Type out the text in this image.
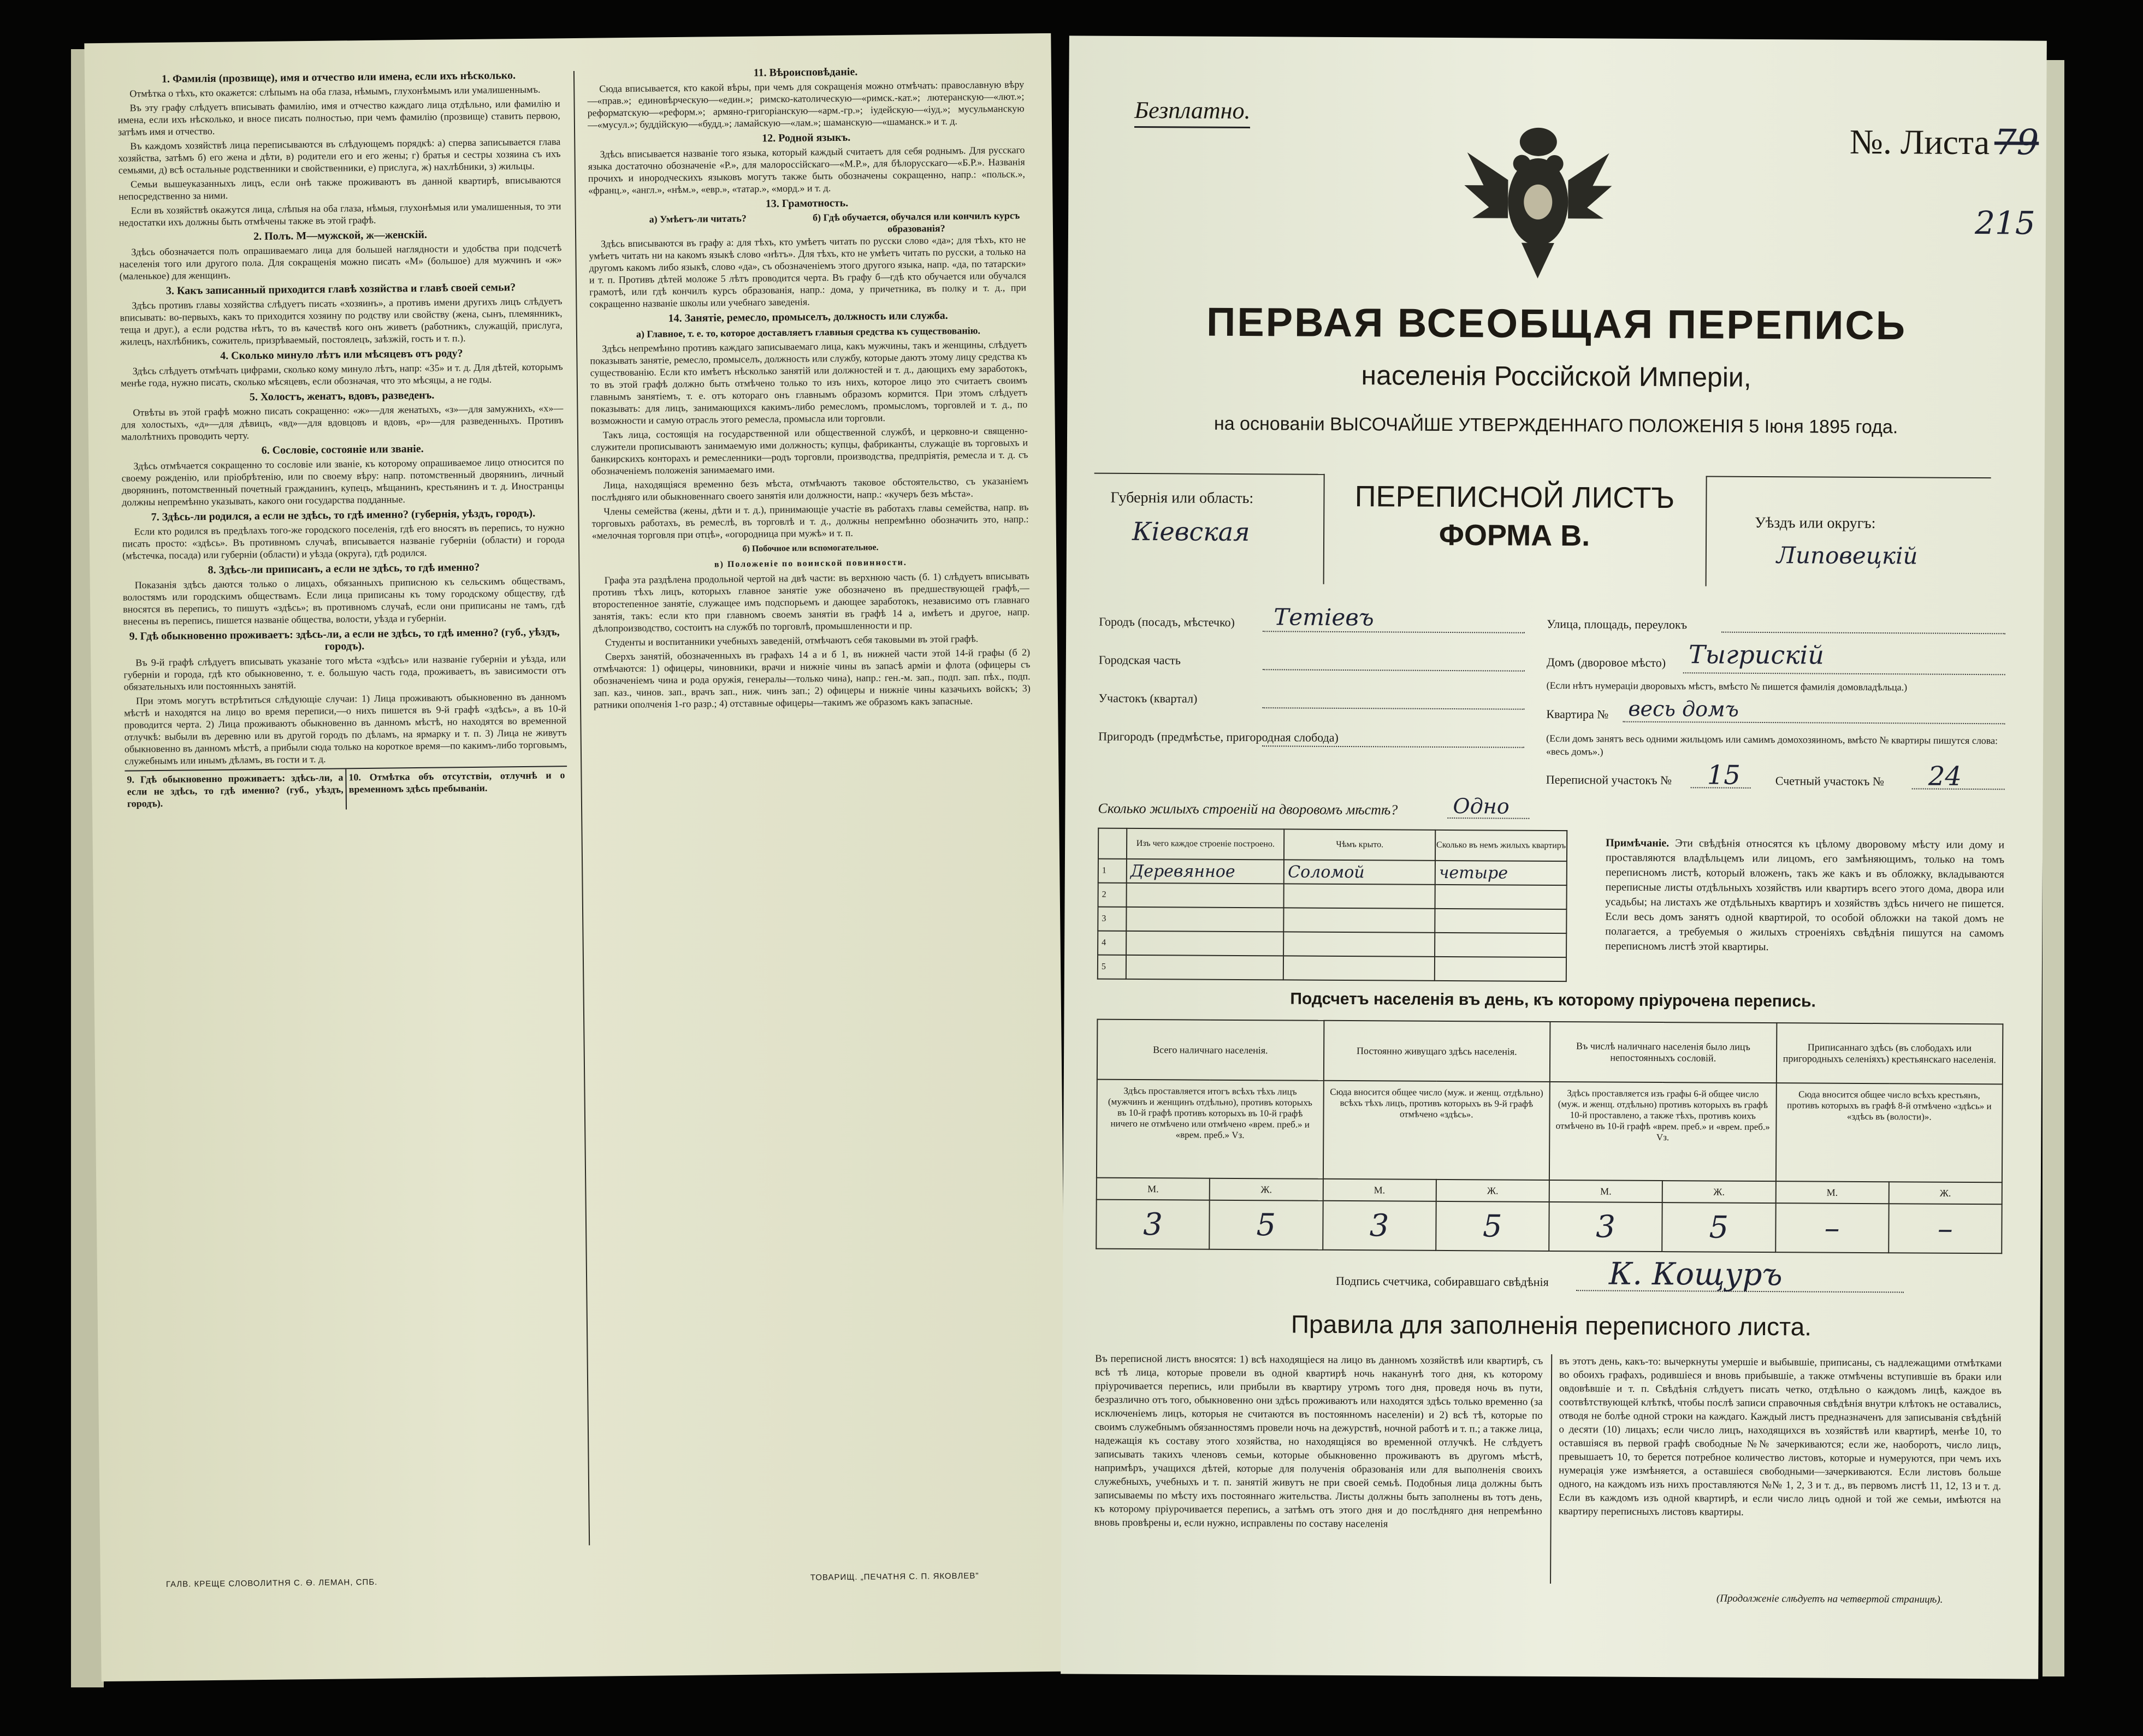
1. Фамилія (прозвище), имя и отчество или имена, если ихъ нѣсколько.

Отмѣтка о тѣхъ, кто окажется: слѣпымъ на оба глаза, нѣмымъ, глухонѣмымъ или умалишеннымъ.

Въ эту графу слѣдуетъ вписывать фамилію, имя и отчество каждаго лица отдѣльно, или фамилію и имена, если ихъ нѣсколько, и вносе писать полностью, при чемъ фамилію (прозвище) ставить первою, затѣмъ имя и отчество.

Въ каждомъ хозяйствѣ лица переписываются въ слѣдующемъ порядкѣ: а) сперва записывается глава хозяйства, затѣмъ б) его жена и дѣти, в) родители его и его жены; г) братья и сестры хозяина съ ихъ семьями, д) всѣ остальные родственники и свойственники, е) прислуга, ж) нахлѣбники, з) жильцы.

Семьи вышеуказанныхъ лицъ, если онѣ также проживаютъ въ данной квартирѣ, вписываются непосредственно за ними.

Если въ хозяйствѣ окажутся лица, слѣпыя на оба глаза, нѣмыя, глухонѣмыя или умалишенныя, то эти недостатки ихъ должны быть отмѣчены также въ этой графѣ.

2. Полъ. М—мужской, ж—женскій.

Здѣсь обозначается полъ опрашиваемаго лица для большей наглядности и удобства при подсчетѣ населенія того или другого пола. Для сокращенія можно писать «М» (большое) для мужчинъ и «ж» (маленькое) для женщинъ.

3. Какъ записанный приходится главѣ хозяйства и главѣ своей семьи?

Здѣсь противъ главы хозяйства слѣдуетъ писать «хозяинъ», а противъ имени другихъ лицъ слѣдуетъ вписывать: во-первыхъ, какъ то приходится хозяину по родству или свойству (жена, сынъ, племянникъ, теща и друг.), а если родства нѣтъ, то въ качествѣ кого онъ живетъ (работникъ, служащій, прислуга, жилецъ, нахлѣбникъ, сожитель, призрѣваемый, постоялецъ, заѣзжій, гость и т. п.).

4. Сколько минуло лѣтъ или мѣсяцевъ отъ роду?

Здѣсь слѣдуетъ отмѣчать цифрами, сколько кому минуло лѣтъ, напр: «35» и т. д. Для дѣтей, которымъ менѣе года, нужно писать, сколько мѣсяцевъ, если обозначая, что это мѣсяцы, а не годы.

5. Холостъ, женатъ, вдовъ, разведенъ.

Отвѣты въ этой графѣ можно писать сокращенно: «ж»—для женатыхъ, «з»—для замужнихъ, «х»—для холостыхъ, «д»—для дѣвицъ, «вд»—для вдовцовъ и вдовъ, «р»—для разведенныхъ. Противъ малолѣтнихъ проводить черту.

6. Сословіе, состояніе или званіе.

Здѣсь отмѣчается сокращенно то сословіе или званіе, къ которому опрашиваемое лицо относится по своему рожденію, или пріобрѣтенію, или по своему вѣру: напр. потомственный дворянинъ, личный дворянинъ, потомственный почетный гражданинъ, купецъ, мѣщанинъ, крестьянинъ и т. д. Иностранцы должны непремѣнно указывать, какого они государства подданные.

7. Здѣсь-ли родился, а если не здѣсь, то гдѣ именно? (губернія, уѣздъ, городъ).

Если кто родился въ предѣлахъ того-же городского поселенія, гдѣ его вносятъ въ перепись, то нужно писать просто: «здѣсь». Въ противномъ случаѣ, вписывается названіе губерніи (области) и города (мѣстечка, посада) или губерніи (области) и уѣзда (округа), гдѣ родился.

8. Здѣсь-ли приписанъ, а если не здѣсь, то гдѣ именно?

Показанія здѣсь даются только о лицахъ, обязанныхъ приписною къ сельскимъ обществамъ, волостямъ или городскимъ обществамъ. Если лица приписаны къ тому городскому обществу, гдѣ вносятся въ перепись, то пишутъ «здѣсь»; въ противномъ случаѣ, если они приписаны не тамъ, гдѣ внесены въ перепись, пишется названіе общества, волости, уѣзда и губерніи.

9. Гдѣ обыкновенно проживаетъ: здѣсь-ли, а если не здѣсь, то гдѣ именно? (губ., уѣздъ, городъ).

Въ 9-й графѣ слѣдуетъ вписывать указаніе того мѣста «здѣсь» или названіе губерніи и уѣзда, или губерніи и города, гдѣ кто обыкновенно, т. е. большую часть года, проживаетъ, въ зависимости отъ обязательныхъ или постоянныхъ занятій.

При этомъ могутъ встрѣтиться слѣдующіе случаи: 1) Лица проживаютъ обыкновенно въ данномъ мѣстѣ и находятся на лицо во время переписи,—о нихъ пишется въ 9-й графѣ «здѣсь», а въ 10-й проводится черта. 2) Лица проживаютъ обыкновенно въ данномъ мѣстѣ, но находятся во временной отлучкѣ: выбыли въ деревню или въ другой городъ по дѣламъ, на ярмарку и т. п. 3) Лица не живутъ обыкновенно въ данномъ мѣстѣ, а прибыли сюда только на короткое время—по какимъ-либо торговымъ, служебнымъ или инымъ дѣламъ, въ гости и т. д.

9. Гдѣ обыкновенно проживаетъ: здѣсь-ли, а если не здѣсь, то гдѣ именно? (губ., уѣздъ, городъ).
10. Отмѣтка объ отсутствіи, отлучнѣ и о временномъ здѣсь пребываніи.
11. Вѣроисповѣданіе.

Сюда вписывается, кто какой вѣры, при чемъ для сокращенія можно отмѣчать: православную вѣру—«прав.»; единовѣрческую—«един.»; римско-католическую—«римск.-кат.»; лютеранскую—«лют.»; реформатскую—«реформ.»; армяно-григоріанскую—«арм.-гр.»; іудейскую—«іуд.»; мусульманскую—«муcул.»; буддійскую—«будд.»; ламайскую—«лам.»; шаманскую—«шаманск.» и т. д.

12. Родной языкъ.

Здѣсь вписывается названіе того языка, который каждый считаетъ для себя роднымъ. Для русскаго языка достаточно обозначеніе «Р.», для малороссійскаго—«М.Р.», для бѣлорусскаго—«Б.Р.». Названія прочихъ и инородческихъ языковъ могутъ также быть обозначены сокращенно, напр.: «польск.», «франц.», «англ.», «нѣм.», «евр.», «татар.», «морд.» и т. д.

13. Грамотность.
а) Умѣетъ-ли читать?	б) Гдѣ обучается, обучался или кончилъ курсъ образованія?

Здѣсь вписываются въ графу а: для тѣхъ, кто умѣетъ читать по русски слово «да»; для тѣхъ, кто не умѣетъ читать ни на какомъ языкѣ слово «нѣтъ». Для тѣхъ, кто не умѣетъ читать по русски, а только на другомъ какомъ либо языкѣ, слово «да», съ обозначеніемъ этого другого языка, напр. «да, по татарски» и т. п. Противъ дѣтей моложе 5 лѣтъ проводится черта. Въ графу б—гдѣ кто обучается или обучался грамотѣ, или гдѣ кончилъ курсъ образованія, напр.: дома, у причетника, въ полку и т. д., при сокращенно названіе школы или учебнаго заведенія.

14. Занятіе, ремесло, промыселъ, должность или служба.
а) Главное, т. е. то, которое доставляетъ главныя средства къ существованію.

Здѣсь непремѣнно противъ каждаго записываемаго лица, какъ мужчины, такъ и женщины, слѣдуетъ показывать занятіе, ремесло, промыселъ, должность или службу, которые даютъ этому лицу средства къ существованію. Если кто имѣетъ нѣсколько занятій или должностей и т. д., дающихъ ему заработокъ, то въ этой графѣ должно быть отмѣчено только то изъ нихъ, которое лицо это считаетъ своимъ главнымъ занятіемъ, т. е. отъ котораго онъ главнымъ образомъ кормится. При этомъ слѣдуетъ показывать: для лицъ, занимающихся какимъ-либо ремесломъ, промысломъ, торговлей и т. д., по возможности и самую отрасль этого ремесла, промысла или торговли.

Такъ лица, состоящія на государственной или общественной службѣ, и церковно-и священно-служители прописываютъ занимаемую ими должность; купцы, фабриканты, служащіе въ торговыхъ и банкирскихъ конторахъ и ремесленники—родъ торговли, производства, предпріятія, ремесла и т. д. съ обозначеніемъ положенія занимаемаго ими.

Лица, находящіяся временно безъ мѣста, отмѣчаютъ таковое обстоятельство, съ указаніемъ послѣдняго или обыкновеннаго своего занятія или должности, напр.: «кучеръ безъ мѣста».

Члены семейства (жены, дѣти и т. д.), принимающіе участіе въ работахъ главы семейства, напр. въ торговыхъ работахъ, въ ремеслѣ, въ торговлѣ и т. д., должны непремѣнно обозначить это, напр.: «мелочная торговля при отцѣ», «огородница при мужѣ» и т. п.

б) Побочное или вспомогательное.
в) Положеніе по воинской повинности.

Графа эта раздѣлена продольной чертой на двѣ части: въ верхнюю часть (б. 1) слѣдуетъ вписывать противъ тѣхъ лицъ, которыхъ главное занятіе уже обозначено въ предшествующей графѣ,—второстепенное занятіе, служащее имъ подспорьемъ и дающее заработокъ, независимо отъ главнаго занятія, такъ: если кто при главномъ своемъ занятіи въ графѣ 14 а, имѣетъ и другое, напр. дѣлопроизводство, состоитъ на службѣ по торговлѣ, промышленности и пр.

Студенты и воспитанники учебныхъ заведеній, отмѣчаютъ себя таковыми въ этой графѣ.

Сверхъ занятій, обозначенныхъ въ графахъ 14 а и б 1, въ нижней части этой 14-й графы (б 2) отмѣчаются: 1) офицеры, чиновники, врачи и нижніе чины въ запасѣ арміи и флота (офицеры съ обозначеніемъ чина и рода оружія, генералы—только чина), напр.: ген.-м. зап., подп. зап. пѣх., подп. зап. каз., чинов. зап., врачъ зап., ниж. чинъ зап.; 2) офицеры и нижніе чины казачьихъ войскъ; 3) ратники ополченія 1-го разр.; 4) отставные офицеры—такимъ же образомъ какъ запасные.

ГАЛВ. КРЕЩЕ СЛОВОЛИТНЯ С. Ѳ. ЛЕМАН, СПБ.
ТОВАРИЩ. „ПЕЧАТНЯ С. П. ЯКОВЛЕВ"
Безплатно.
№. Листа 79
215
ПЕРВАЯ ВСЕОБЩАЯ ПЕРЕПИСЬ
населенія Россійской Имперіи,
на основаніи ВЫСОЧАЙШЕ УТВЕРЖДЕННАГО ПОЛОЖЕНІЯ 5 Іюня 1895 года.
Губернія или область:
Кіевская
ПЕРЕПИСНОЙ ЛИСТЪ
ФОРМА В.	Уѣздъ или округъ:
Липовецкій
Городъ (посадъ, мѣстечко) Тетіевъ
Городская часть
Участокъ (квартал)
Пригородъ (предмѣстье, пригородная слобода)
Улица, площадь, переулокъ
Домъ (дворовое мѣсто) Тыгрискій
(Если нѣтъ нумераціи дворовыхъ мѣстъ, вмѣсто № пишется фамилія домовладѣльца.)
Квартира № весь домъ
(Если домъ занятъ весь одними жильцомъ или самимъ домохозяиномъ, вмѣсто № квартиры пишутся слова: «весь домъ».)
Переписной участокъ № 15	Счетный участокъ № 24
Сколько жилыхъ строеній на дворовомъ мѣстѣ?	Одно
	Изъ чего каждое строеніе построено.	Чѣмъ крыто.	Сколько въ немъ жилыхъ квартиръ
1	Деревянное	Соломой	четыре
2			
3			
4			
5			
Примѣчаніе. Эти свѣдѣнія относятся къ цѣлому дворовому мѣсту или дому и проставляются владѣльцемъ или лицомъ, его замѣняющимъ, только на томъ переписномъ листѣ, который вложенъ, такъ же какъ и въ обложку, вкладываются переписные листы отдѣльныхъ хозяйствъ или квартиръ всего этого дома, двора или усадьбы; на листахъ же отдѣльныхъ квартиръ и хозяйствъ здѣсь ничего не пишется. Если весь домъ занятъ одной квартирой, то особой обложки на такой домъ не полагается, а требуемыя о жилыхъ строеніяхъ свѣдѣнія пишутся на самомъ переписномъ листѣ этой квартиры.
Подсчетъ населенія въ день, къ которому пріурочена перепись.
Всего наличнаго населенія.		Постоянно живущаго здѣсь населенія.		Въ числѣ наличнаго населенія было лицъ непостоянныхъ сословій.		Приписаннаго здѣсь (въ слободахъ или пригородныхъ селеніяхъ) крестьянскаго населенія.	
Здѣсь проставляется итогъ всѣхъ тѣхъ лицъ (мужчинъ и женщинъ отдѣльно), противъ которыхъ въ 10-й графѣ противъ которыхъ въ 10-й графѣ ничего не отмѣчено или отмѣчено «врем. преб.» и «врем. преб.» Vз.		Сюда вносится общее число (муж. и женщ. отдѣльно) всѣхъ тѣхъ лицъ, противъ которыхъ въ 9-й графѣ отмѣчено «здѣсь».		Здѣсь проставляется изъ графы 6-й общее число (муж. и женщ. отдѣльно) противъ которыхъ въ графѣ 10-й проставлено, а также тѣхъ, противъ коихъ отмѣчено въ 10-й графѣ «врем. преб.» и «врем. преб.» Vз.		Сюда вносится общее число всѣхъ крестьянъ, противъ которыхъ въ графѣ 8-й отмѣчено «здѣсь» и «здѣсь въ (волости)».	
М.	Ж.	М.	Ж.	М.	Ж.	М.	Ж.
3	5	3	5	3	5	–	–
Подпись счетчика, собиравшаго свѣдѣнія К. Кощуръ
Правила для заполненія переписного листа.
Въ переписной листъ вносятся: 1) всѣ находящіеся на лицо въ данномъ хозяйствѣ или квартирѣ, съ всѣ тѣ лица, которые провели въ одной квартирѣ ночь наканунѣ того дня, къ которому пріурочивается перепись, или прибыли въ квартиру утромъ того дня, проведя ночь въ пути, безразлично отъ того, обыкновенно они здѣсь проживаютъ или находятся здѣсь только временно (за исключеніемъ лицъ, которыя не считаются въ постоянномъ населеніи) и 2) всѣ тѣ, которые по своимъ служебнымъ обязанностямъ провели ночь на дежурствѣ, ночной работѣ и т. п.; а также лица, надежащія къ составу этого хозяйства, но находящіяся во временной отлучкѣ. Не слѣдуетъ записывать такихъ членовъ семьи, которые обыкновенно проживаютъ въ другомъ мѣстѣ, напримѣръ, учащихся дѣтей, которые для полученія образованія или для выполненія своихъ служебныхъ, учебныхъ и т. п. занятій живутъ не при своей семьѣ. Подобныя лица должны быть записываемы по мѣсту ихъ постояннаго жительства. Листы должны быть заполнены въ тотъ день, къ которому пріурочивается перепись, а затѣмъ отъ этого дня и до послѣдняго дня непремѣнно вновь провѣрены и, если нужно, исправлены по составу населенія
въ этотъ день, какъ-то: вычеркнуты умершіе и выбывшіе, приписаны, съ надлежащими отмѣтками во обоихъ графахъ, родившіеся и вновь прибывшіе, а также отмѣчены вступившіе въ браки или овдовѣвшіе и т. п. Свѣдѣнія слѣдуетъ писать четко, отдѣльно о каждомъ лицѣ, каждое въ соотвѣтствующей клѣткѣ, чтобы послѣ записи справочныя свѣдѣнія внутри клѣтокъ не оставались, отводя не болѣе одной строки на каждаго. Каждый листъ предназначенъ для записыванія свѣдѣній о десяти (10) лицахъ; если число лицъ, находящихся въ хозяйствѣ или квартирѣ, менѣе 10, то оставшіяся въ первой графѣ свободные №№ зачеркиваются; если же, наоборотъ, число лицъ, превышаетъ 10, то берется потребное количество листовъ, которые и нумеруются, при чемъ ихъ нумерація уже измѣняется, а оставшіеся свободными—зачеркиваются. Если листовъ больше одного, на каждомъ изъ нихъ проставляются №№ 1, 2, 3 и т. д., въ первомъ листѣ 11, 12, 13 и т. д. Если въ каждомъ изъ одной квартирѣ, и если число лицъ одной и той же семьи, имѣются на квартиру переписныхъ листовъ квартиры.
(Продолженіе слѣдуетъ на четвертой страницѣ).
